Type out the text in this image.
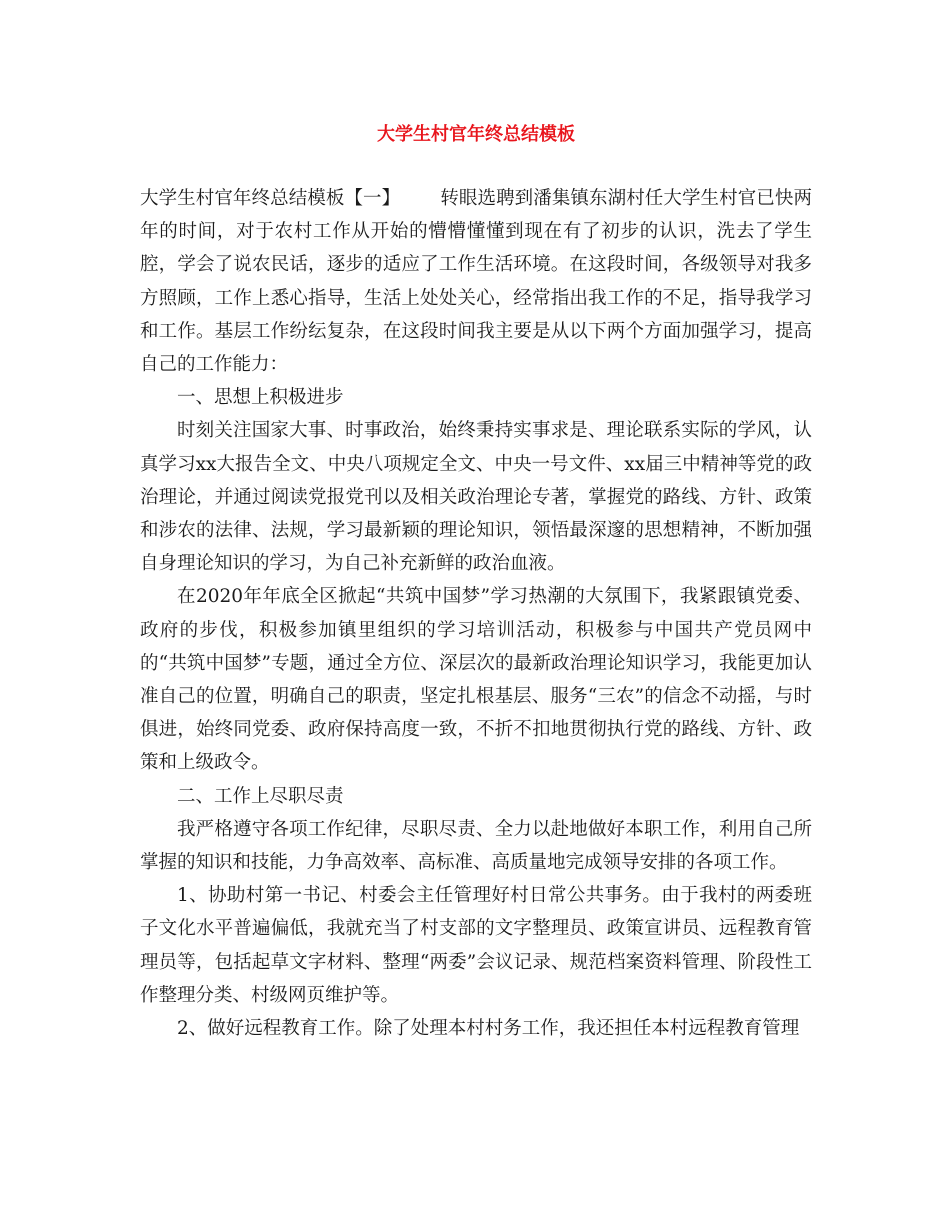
大学生村官年终总结模板

大学生村官年终总结模板【一】 转眼选聘到潘集镇东湖村任大学生村官已快两年的时间，对于农村工作从开始的懵懵懂懂到现在有了初步的认识，洗去了学生腔，学会了说农民话，逐步的适应了工作生活环境。在这段时间，各级领导对我多方照顾，工作上悉心指导，生活上处处关心，经常指出我工作的不足，指导我学习和工作。基层工作纷纭复杂，在这段时间我主要是从以下两个方面加强学习，提高自己的工作能力：

一、思想上积极进步

时刻关注国家大事、时事政治，始终秉持实事求是、理论联系实际的学风，认真学习xx大报告全文、中央八项规定全文、中央一号文件、xx届三中精神等党的政治理论，并通过阅读党报党刊以及相关政治理论专著，掌握党的路线、方针、政策和涉农的法律、法规，学习最新颖的理论知识，领悟最深邃的思想精神，不断加强自身理论知识的学习，为自己补充新鲜的政治血液。

在2020年年底全区掀起“共筑中国梦”学习热潮的大氛围下，我紧跟镇党委、政府的步伐，积极参加镇里组织的学习培训活动，积极参与中国共产党员网中的“共筑中国梦”专题，通过全方位、深层次的最新政治理论知识学习，我能更加认准自己的位置，明确自己的职责，坚定扎根基层、服务“三农”的信念不动摇，与时俱进，始终同党委、政府保持高度一致，不折不扣地贯彻执行党的路线、方针、政策和上级政令。

二、工作上尽职尽责

我严格遵守各项工作纪律，尽职尽责、全力以赴地做好本职工作，利用自己所掌握的知识和技能，力争高效率、高标准、高质量地完成领导安排的各项工作。

1、协助村第一书记、村委会主任管理好村日常公共事务。由于我村的两委班子文化水平普遍偏低，我就充当了村支部的文字整理员、政策宣讲员、远程教育管理员等，包括起草文字材料、整理“两委”会议记录、规范档案资料管理、阶段性工作整理分类、村级网页维护等。

2、做好远程教育工作。除了处理本村村务工作，我还担任本村远程教育管理
